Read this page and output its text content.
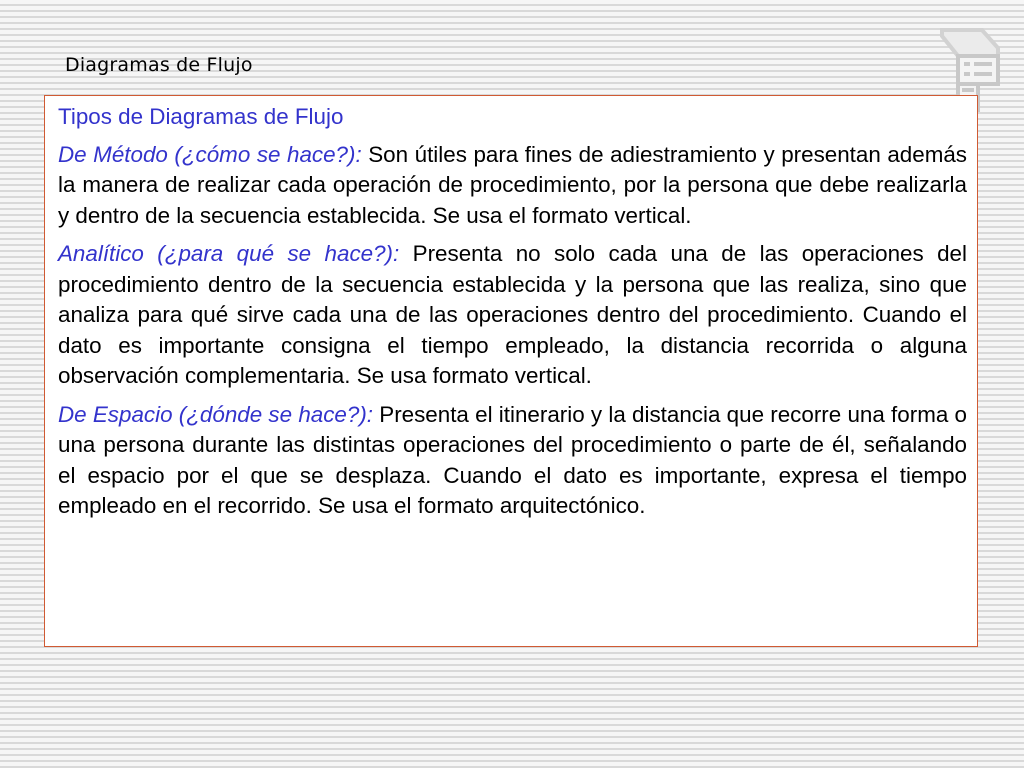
Diagramas de Flujo

Tipos de Diagramas de Flujo

De Método (¿cómo se hace?): Son útiles para fines de adiestramiento y presentan además la manera de realizar cada operación de procedimiento, por la persona que debe realizarla y dentro de la secuencia establecida. Se usa el formato vertical.

Analítico (¿para qué se hace?): Presenta no solo cada una de las operaciones del procedimiento dentro de la secuencia establecida y la persona que las realiza, sino que analiza para qué sirve cada una de las operaciones dentro del procedimiento. Cuando el dato es importante consigna el tiempo empleado, la distancia recorrida o alguna observación complementaria. Se usa formato vertical.

De Espacio (¿dónde se hace?): Presenta el itinerario y la distancia que recorre una forma o una persona durante las distintas operaciones del procedimiento o parte de él, señalando el espacio por el que se desplaza. Cuando el dato es importante, expresa el tiempo empleado en el recorrido. Se usa el formato arquitectónico.
